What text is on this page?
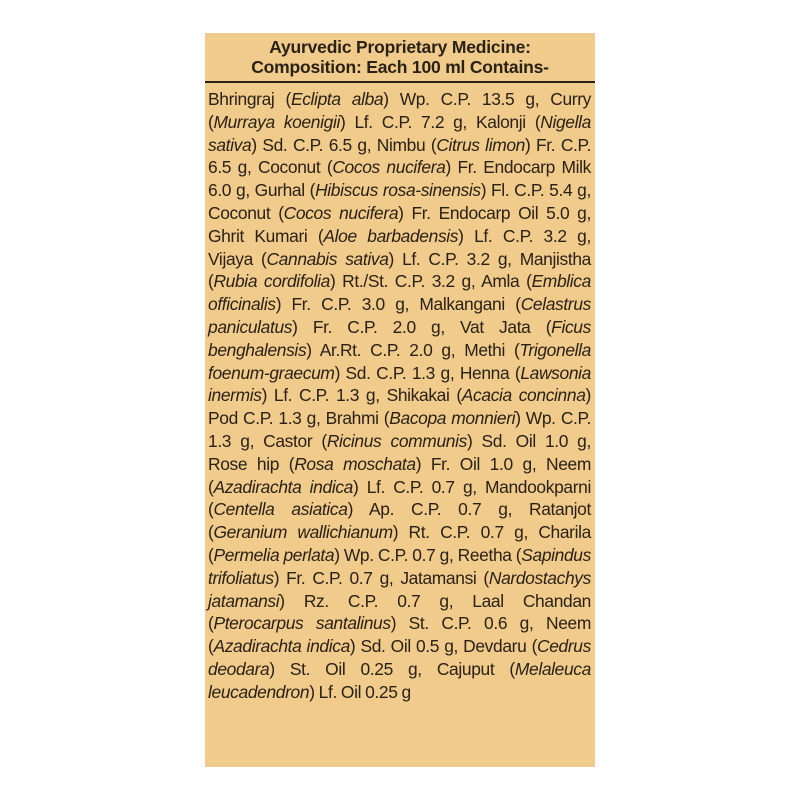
Ayurvedic Proprietary Medicine:
Composition: Each 100 ml Contains-
Bhringraj (Eclipta alba) Wp. C.P. 13.5 g, Curry (Murraya koenigii) Lf. C.P. 7.2 g, Kalonji (Nigella sativa) Sd. C.P. 6.5 g, Nimbu (Citrus limon) Fr. C.P. 6.5 g, Coconut (Cocos nucifera) Fr. Endocarp Milk 6.0 g, Gurhal (Hibiscus rosa-sinensis) Fl. C.P. 5.4 g, Coconut (Cocos nucifera) Fr. Endocarp Oil 5.0 g, Ghrit Kumari (Aloe barbadensis) Lf. C.P. 3.2 g, Vijaya (Cannabis sativa) Lf. C.P. 3.2 g, Manjistha (Rubia cordifolia) Rt./St. C.P. 3.2 g, Amla (Emblica officinalis) Fr. C.P. 3.0 g, Malkangani (Celastrus paniculatus) Fr. C.P. 2.0 g, Vat Jata (Ficus benghalensis) Ar.Rt. C.P. 2.0 g, Methi (Trigonella foenum-graecum) Sd. C.P. 1.3 g, Henna (Lawsonia inermis) Lf. C.P. 1.3 g, Shikakai (Acacia concinna) Pod C.P. 1.3 g, Brahmi (Bacopa monnieri) Wp. C.P. 1.3 g, Castor (Ricinus communis) Sd. Oil 1.0 g, Rose hip (Rosa moschata) Fr. Oil 1.0 g, Neem (Azadirachta indica) Lf. C.P. 0.7 g, Mandookparni (Centella asiatica) Ap. C.P. 0.7 g, Ratanjot (Geranium wallichianum) Rt. C.P. 0.7 g, Charila (Permelia perlata) Wp. C.P. 0.7 g, Reetha (Sapindus trifoliatus) Fr. C.P. 0.7 g, Jatamansi (Nardostachys jatamansi) Rz. C.P. 0.7 g, Laal Chandan (Pterocarpus santalinus) St. C.P. 0.6 g, Neem (Azadirachta indica) Sd. Oil 0.5 g, Devdaru (Cedrus deodara) St. Oil 0.25 g, Cajuput (Melaleuca leucadendron) Lf. Oil 0.25 g
